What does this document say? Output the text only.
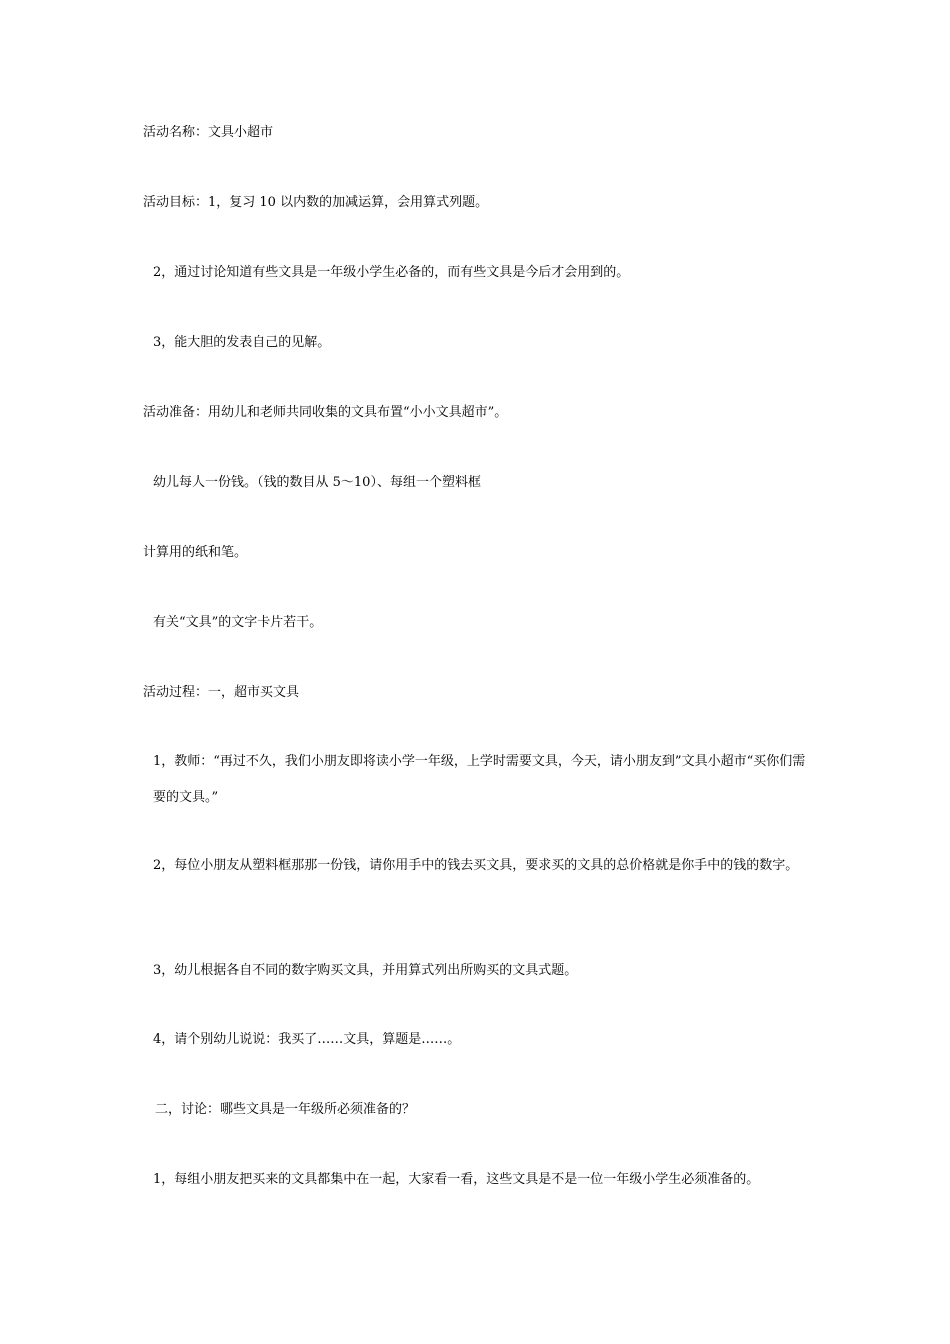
活动名称：文具小超市
活动目标：1，复习 10 以内数的加减运算，会用算式列题。
2，通过讨论知道有些文具是一年级小学生必备的，而有些文具是今后才会用到的。
3，能大胆的发表自己的见解。
活动准备：用幼儿和老师共同收集的文具布置“小小文具超市”。
幼儿每人一份钱。（钱的数目从 5～10）、每组一个塑料框
计算用的纸和笔。
有关“文具”的文字卡片若干。
活动过程：一，超市买文具
1，教师：“再过不久，我们小朋友即将读小学一年级，上学时需要文具，今天，请小朋友到”文具小超市“买你们需要的文具。”
2，每位小朋友从塑料框那那一份钱，请你用手中的钱去买文具，要求买的文具的总价格就是你手中的钱的数字。
3，幼儿根据各自不同的数字购买文具，并用算式列出所购买的文具式题。
4，请个别幼儿说说：我买了……文具，算题是……。
二，讨论：哪些文具是一年级所必须准备的？
1，每组小朋友把买来的文具都集中在一起，大家看一看，这些文具是不是一位一年级小学生必须准备的。
